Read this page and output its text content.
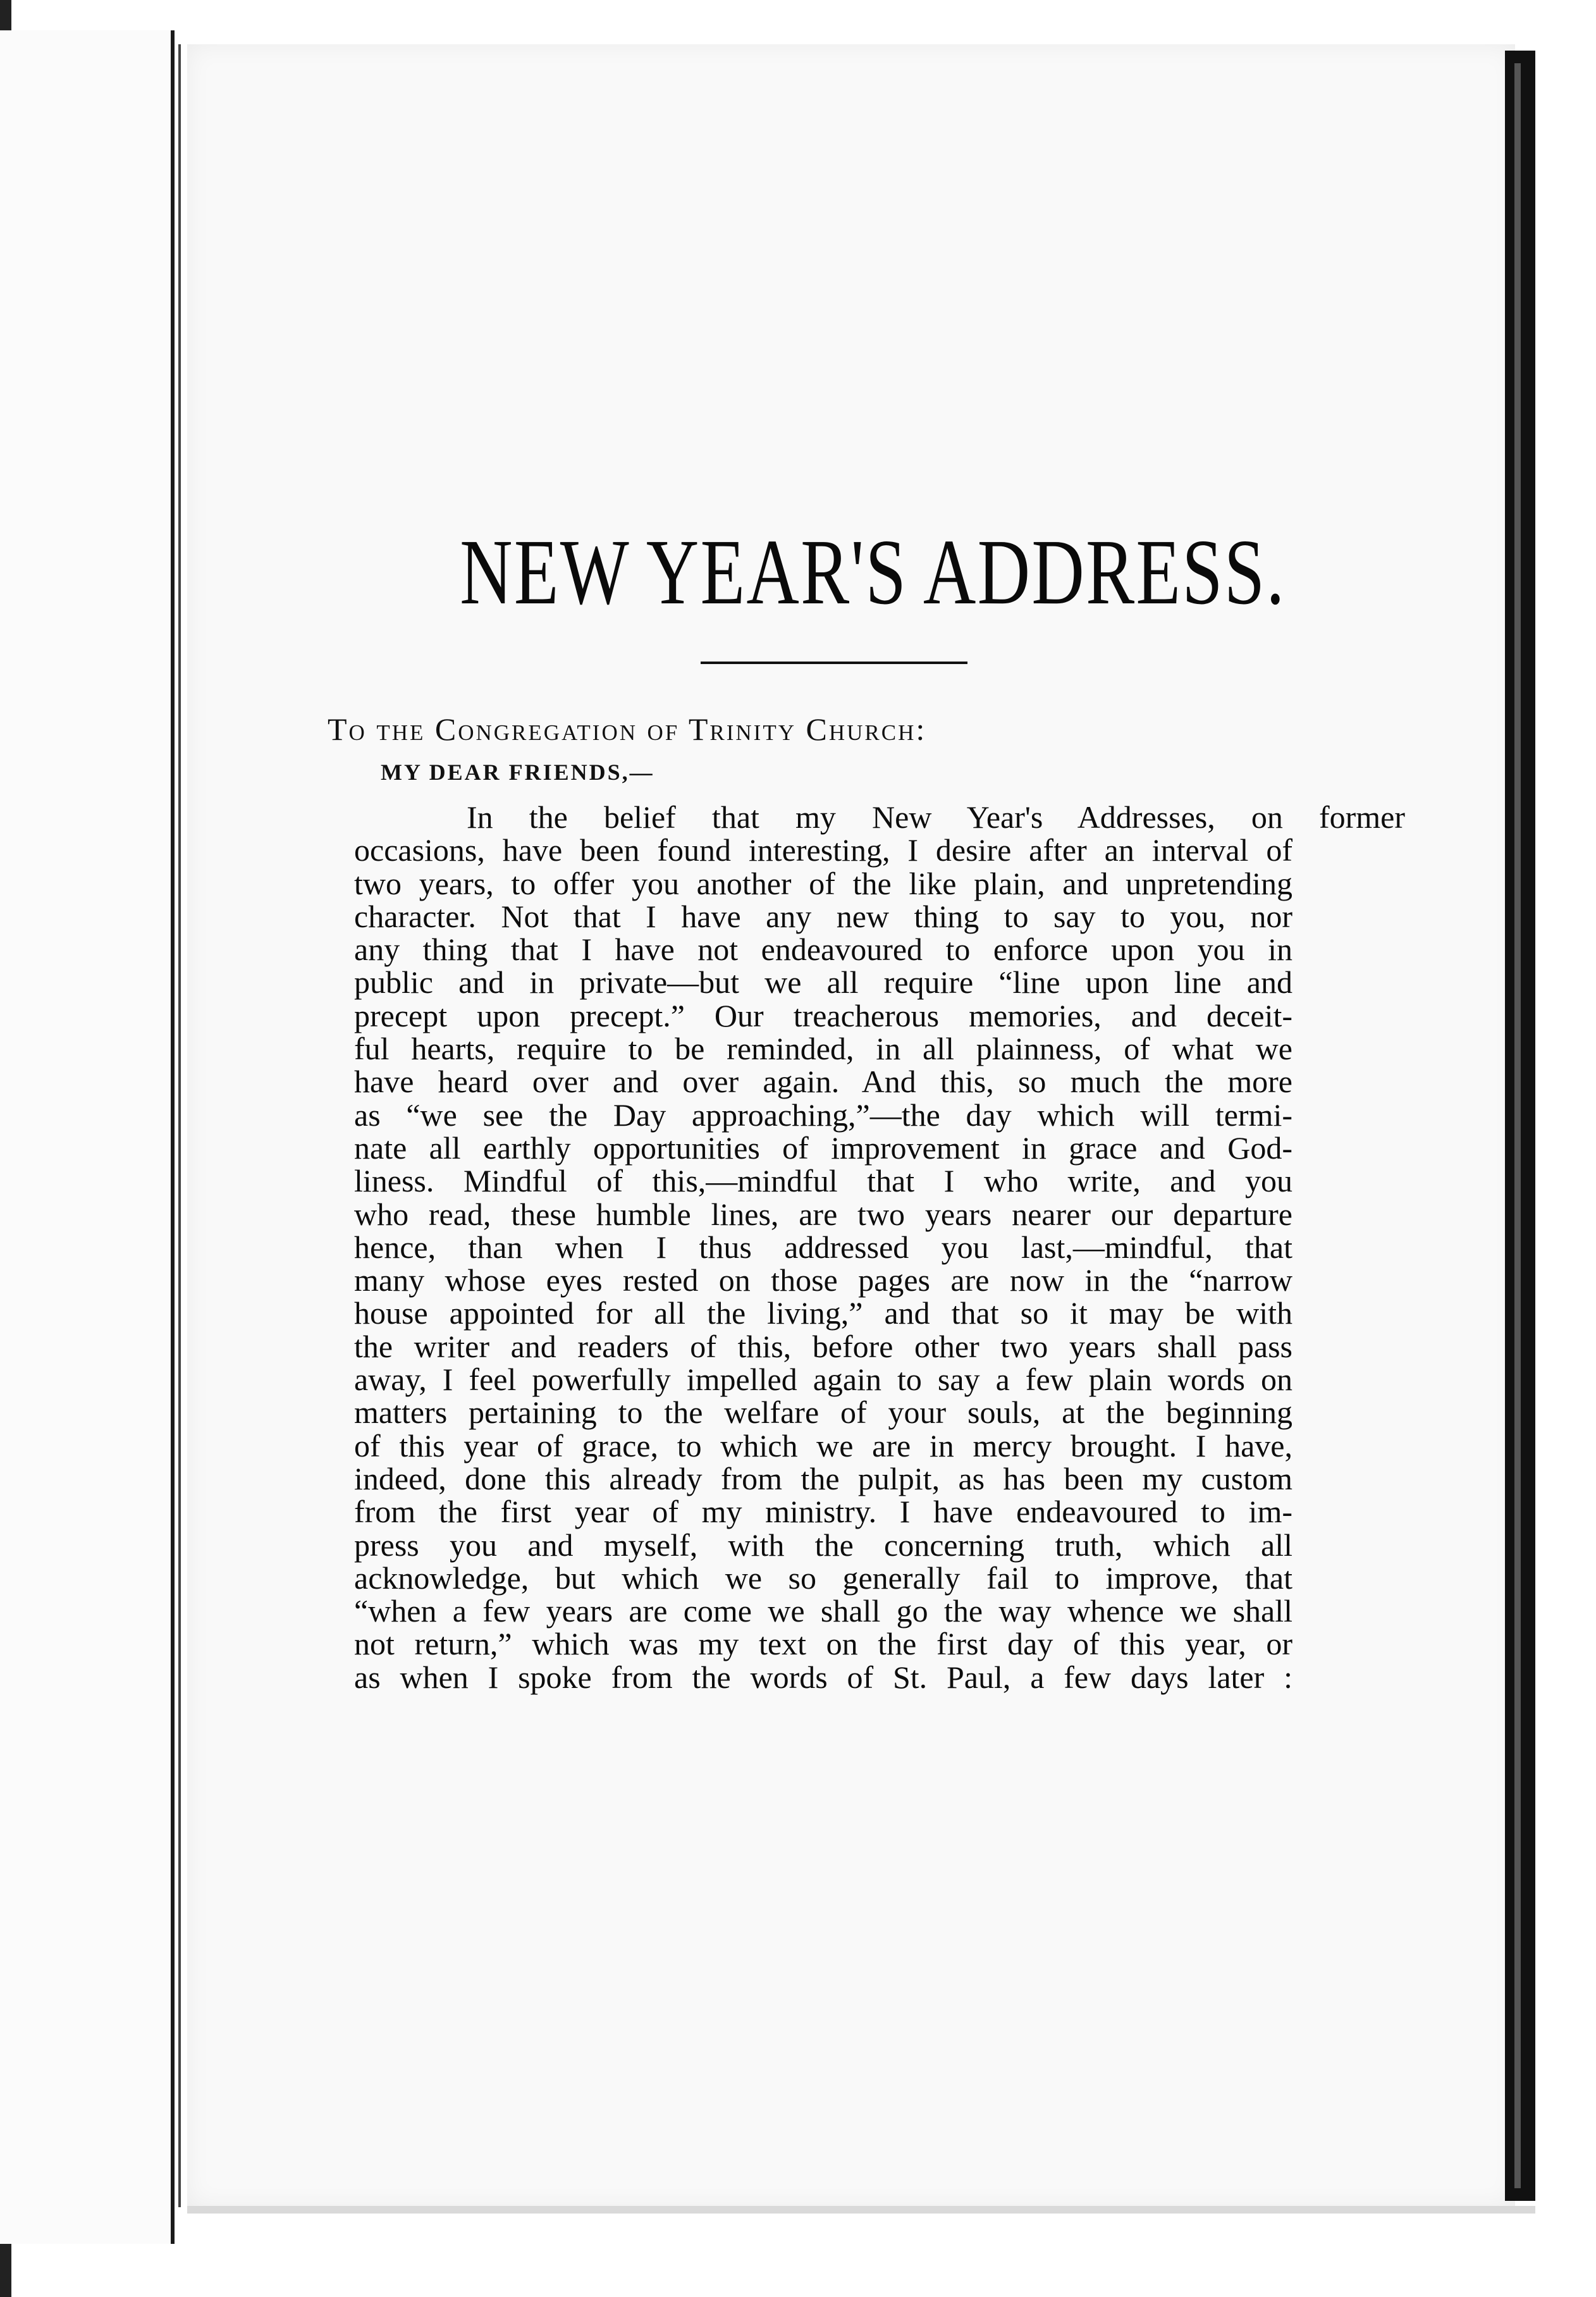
NEW YEAR'S ADDRESS.
To the Congregation of Trinity Church:
MY DEAR FRIENDS,—
In the belief that my New Year's Addresses, on former
occasions, have been found interesting, I desire after an interval of
two years, to offer you another of the like plain, and unpretending
character. Not that I have any new thing to say to you, nor
any thing that I have not endeavoured to enforce upon you in
public and in private—but we all require “line upon line and
precept upon precept.” Our treacherous memories, and deceit-
ful hearts, require to be reminded, in all plainness, of what we
have heard over and over again. And this, so much the more
as “we see the Day approaching,”—the day which will termi-
nate all earthly opportunities of improvement in grace and God-
liness. Mindful of this,—mindful that I who write, and you
who read, these humble lines, are two years nearer our departure
hence, than when I thus addressed you last,—mindful, that
many whose eyes rested on those pages are now in the “narrow
house appointed for all the living,” and that so it may be with
the writer and readers of this, before other two years shall pass
away, I feel powerfully impelled again to say a few plain words on
matters pertaining to the welfare of your souls, at the beginning
of this year of grace, to which we are in mercy brought. I have,
indeed, done this already from the pulpit, as has been my custom
from the first year of my ministry. I have endeavoured to im-
press you and myself, with the concerning truth, which all
acknowledge, but which we so generally fail to improve, that
“when a few years are come we shall go the way whence we shall
not return,” which was my text on the first day of this year, or
as when I spoke from the words of St. Paul, a few days later :
